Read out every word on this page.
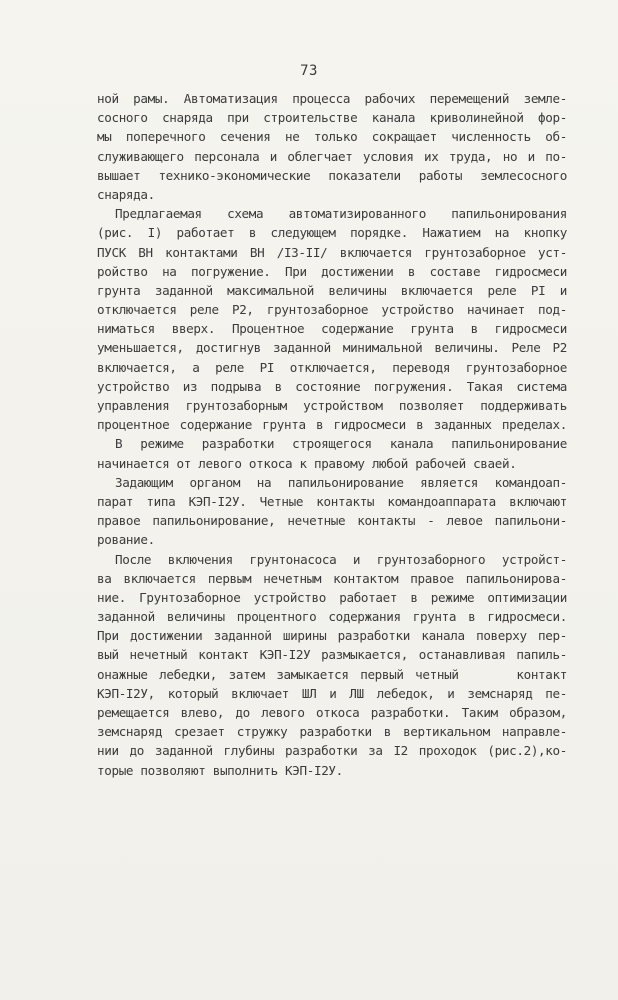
73
ной рамы. Автоматизация процесса рабочих перемещений земле-
сосного снаряда при строительстве канала криволинейной фор-
мы поперечного сечения не только сокращает численность об-
служивающего персонала и облегчает условия их труда, но и по-
вышает технико-экономические показатели работы землесосного
снаряда.
Предлагаемая схема автоматизированного папильонирования
(рис. I) работает в следующем порядке. Нажатием на кнопку
ПУСК ВН контактами ВН /I3-II/ включается грунтозаборное уст-
ройство на погружение. При достижении в составе гидросмеси
грунта заданной максимальной величины включается реле PI и
отключается реле Р2, грунтозаборное устройство начинает под-
ниматься вверх. Процентное содержание грунта в гидросмеси
уменьшается, достигнув заданной минимальной величины. Реле Р2
включается, а реле PI отключается, переводя грунтозаборное
устройство из подрыва в состояние погружения. Такая система
управления грунтозаборным устройством позволяет поддерживать
процентное содержание грунта в гидросмеси в заданных пределах.
В режиме разработки строящегося канала папильонирование
начинается от левого откоса к правому любой рабочей сваей.
Задающим органом на папильонирование является командоап-
парат типа КЭП-I2У. Четные контакты командоаппарата включают
правое папильонирование, нечетные контакты - левое папильони-
рование.
После включения грунтонасоса и грунтозаборного устройст-
ва включается первым нечетным контактом правое папильонирова-
ние. Грунтозаборное устройство работает в режиме оптимизации
заданной величины процентного содержания грунта в гидросмеси.
При достижении заданной ширины разработки канала поверху пер-
вый нечетный контакт КЭП-I2У размыкается, останавливая папиль-
онажные лебедки, затем замыкается первый четный     контакт
КЭП-I2У, который включает ШЛ и ЛШ лебедок, и земснаряд пе-
ремещается влево, до левого откоса разработки. Таким образом,
земснаряд срезает стружку разработки в вертикальном направле-
нии до заданной глубины разработки за I2 проходок (рис.2),ко-
торые позволяют выполнить КЭП-I2У.
